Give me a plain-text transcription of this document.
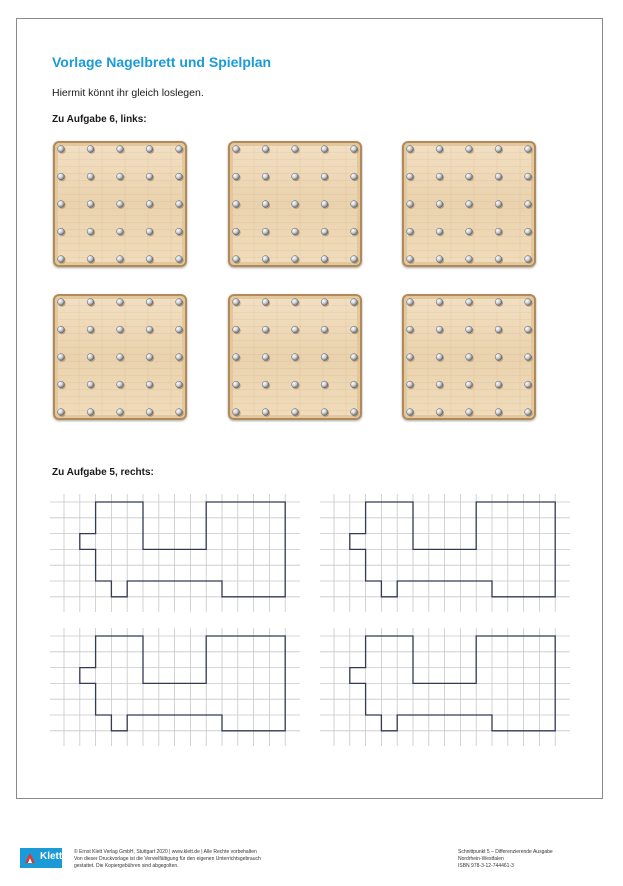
Vorlage Nagelbrett und Spielplan
Hiermit könnt ihr gleich loslegen.
Zu Aufgabe 6, links:
Zu Aufgabe 5, rechts:
Klett © Ernst Klett Verlag GmbH, Stuttgart 2020 | www.klett.de | Alle Rechte vorbehalten
Von dieser Druckvorlage ist die Vervielfältigung für den eigenen Unterrichtsgebrauch
gestattet. Die Kopiergebühren sind abgegolten.
Schnittpunkt 5 – Differenzierende Ausgabe
Nordrhein-Westfalen
ISBN 978-3-12-744461-3
